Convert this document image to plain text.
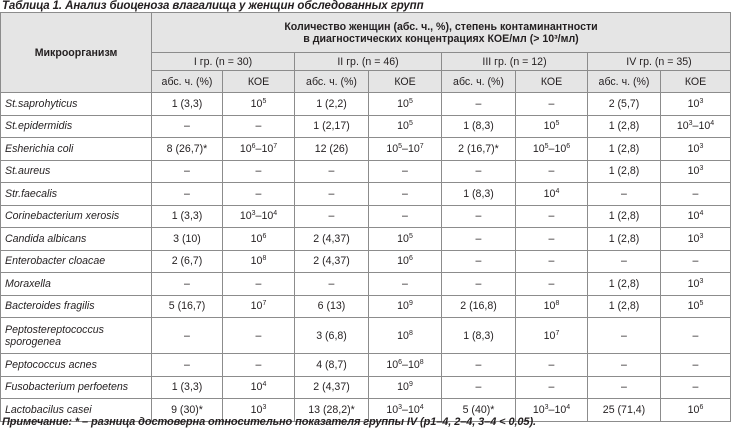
Таблица 1. Анализ биоценоза влагалища у женщин обследованных групп
Микроорганизм	Количество женщин (абс. ч., %), степень контаминантности
в диагностических концентрациях КОЕ/мл (> 10³/мл)							

	I гр. (n = 30)		II гр. (n = 46)		III гр. (n = 12)		IV гр. (n = 35)	
	абс. ч. (%)	КОЕ	абс. ч. (%)	КОЕ	абс. ч. (%)	КОЕ	абс. ч. (%)	КОЕ
St.saprohyticus	1 (3,3)	$10^5$	1 (2,2)	$10^5$	–	–	2 (5,7)	$10^3$
St.epidermidis	–	–	1 (2,17)	$10^5$	1 (8,3)	$10^5$	1 (2,8)	$10^3-10^4$
Esherichia coli	8 (26,7)*	$10^6-10^7$	12 (26)	$10^5-10^7$	2 (16,7)*	$10^5-10^6$	1 (2,8)	$10^3$
St.aureus	–	–	–	–	–	–	1 (2,8)	$10^3$
Str.faecalis	–	–	–	–	1 (8,3)	$10^4$	–	–
Corinebacterium xerosis	1 (3,3)	$10^3-10^4$	–	–	–	–	1 (2,8)	$10^4$
Candida albicans	3 (10)	$10^6$	2 (4,37)	$10^5$	–	–	1 (2,8)	$10^3$
Enterobacter cloacae	2 (6,7)	$10^8$	2 (4,37)	$10^6$	–	–	–	–
Moraxella	–	–	–	–	–	–	1 (2,8)	$10^3$
Bacteroides fragilis	5 (16,7)	$10^7$	6 (13)	$10^9$	2 (16,8)	$10^8$	1 (2,8)	$10^5$
Peptostereptococcus sporogenea	–	–	3 (6,8)	$10^8$	1 (8,3)	$10^7$	–	–
Peptococcus acnes	–	–	4 (8,7)	$10^6-10^8$	–	–	–	–
Fusobacterium perfoetens	1 (3,3)	$10^4$	2 (4,37)	$10^9$	–	–	–	–
Lactobacilus casei	9 (30)*	$10^3$	13 (28,2)*	$10^3-10^4$	5 (40)*	$10^3-10^4$	25 (71,4)	$10^6$
Примечание: * – разница достоверна относительно показателя группы IV (p1–4, 2–4, 3–4 < 0,05).
